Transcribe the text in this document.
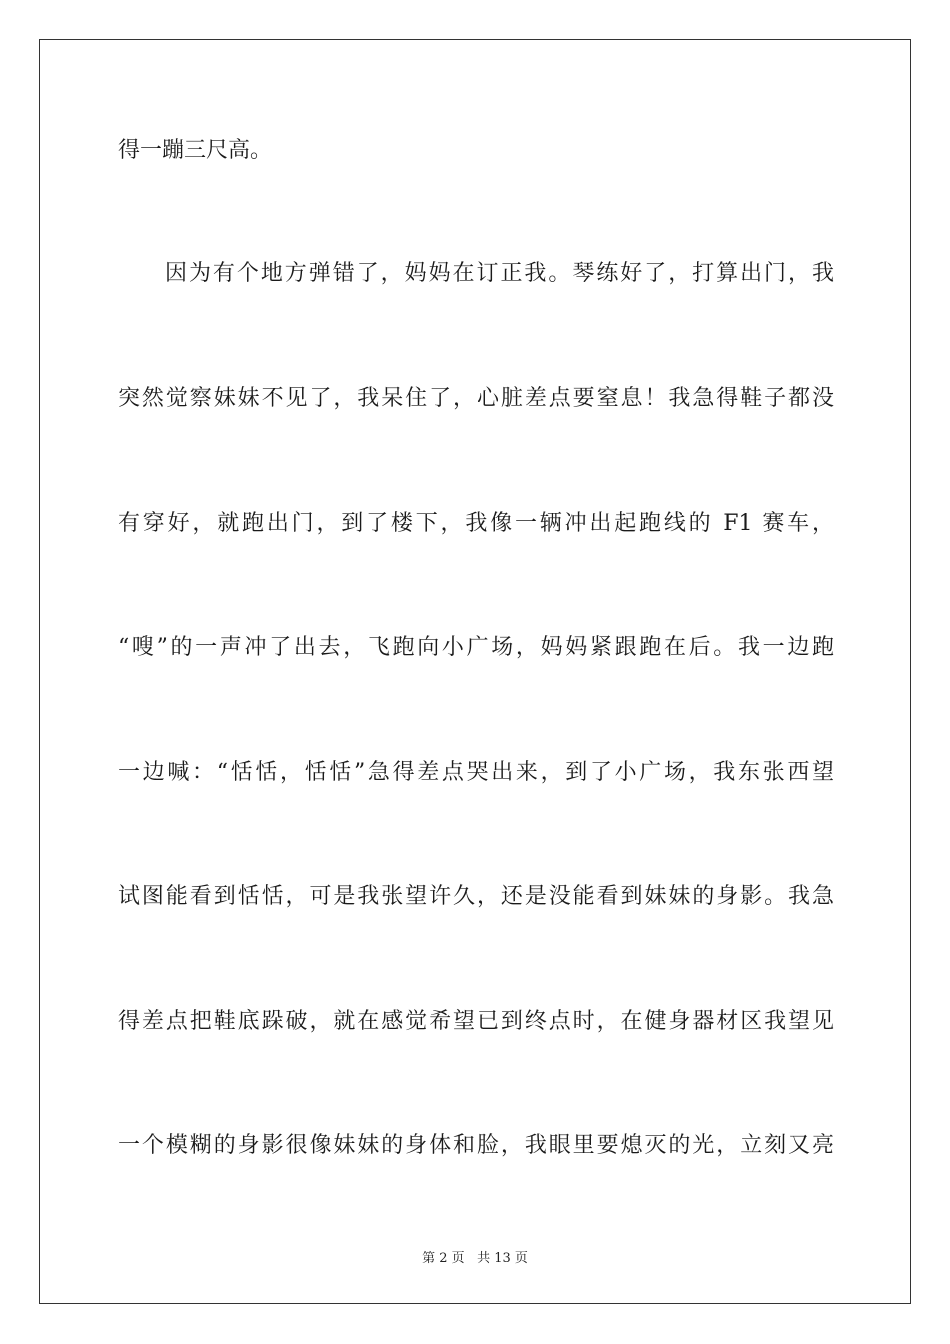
得一蹦三尺高。
因为有个地方弹错了，妈妈在订正我。琴练好了，打算出门，我
突然觉察妹妹不见了，我呆住了，心脏差点要窒息！我急得鞋子都没
有穿好，就跑出门，到了楼下，我像一辆冲出起跑线的 F1 赛车，
“嗖”的一声冲了出去，飞跑向小广场，妈妈紧跟跑在后。我一边跑
一边喊：“恬恬，恬恬”急得差点哭出来，到了小广场，我东张西望
试图能看到恬恬，可是我张望许久，还是没能看到妹妹的身影。我急
得差点把鞋底跺破，就在感觉希望已到终点时，在健身器材区我望见
一个模糊的身影很像妹妹的身体和脸，我眼里要熄灭的光，立刻又亮
第 2 页 共 13 页
